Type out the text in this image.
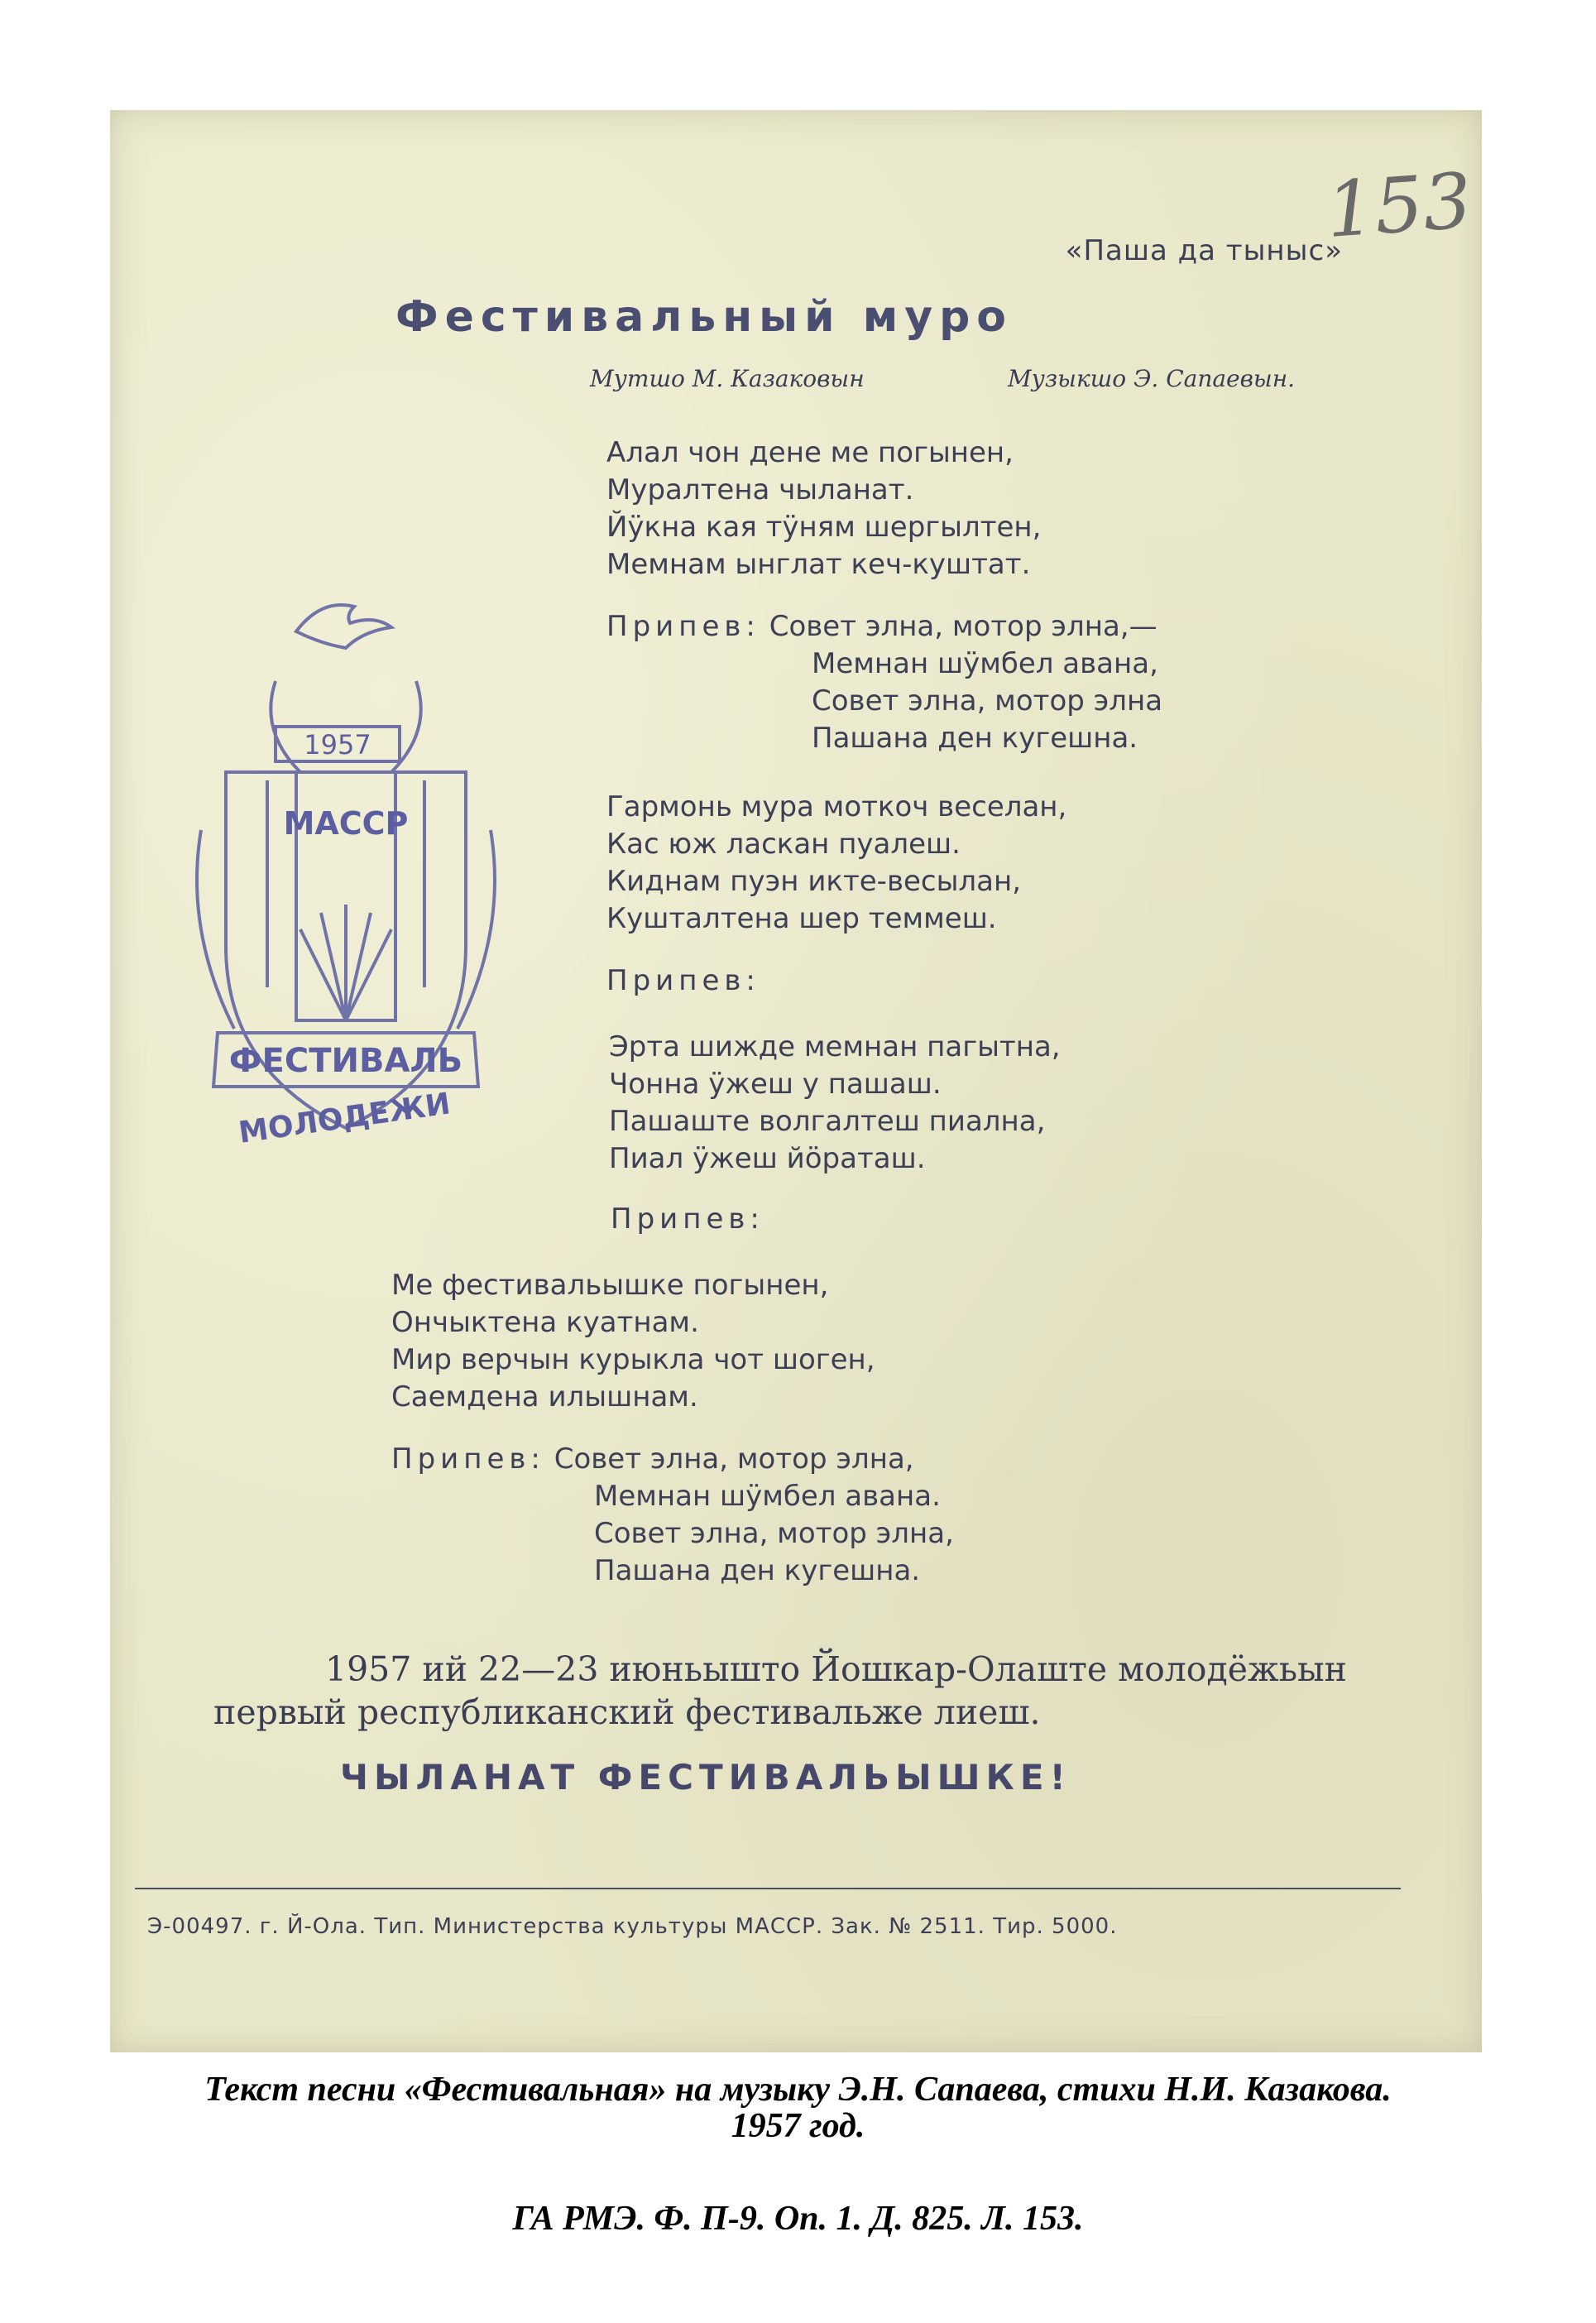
«Паша да тыныс»
153
Фестивальный муро
Мутшо М. Казаковын	Музыкшо Э. Сапаевын.
Алал чон дене ме погынен,
Муралтена чыланат.
Йӱкна кая тӱням шергылтен,
Мемнам ынглат кеч-куштат.
Припев: Совет элна, мотор элна,—
Мемнан шӱмбел авана,
Совет элна, мотор элна
Пашана ден кугешна.
Гармонь мура моткоч веселан,
Кас юж ласкан пуалеш.
Киднам пуэн икте-весылан,
Кушталтена шер теммеш.
Припев:
Эрта шижде мемнан пагытна,
Чонна ӱжеш у пашаш.
Пашаште волгалтеш пиална,
Пиал ӱжеш йӧраташ.
Припев:
Ме фестивальышке погынен,
Ончыктена куатнам.
Мир верчын курыкла чот шоген,
Саемдена илышнам.
Припев: Совет элна, мотор элна,
Мемнан шӱмбел авана.
Совет элна, мотор элна,
Пашана ден кугешна.
1957 ий 22—23 июньышто Йошкар-Олаште молодёжьын
первый республиканский фестивальже лиеш.
ЧЫЛАНАТ ФЕСТИВАЛЬЫШКЕ!
Э-00497. г. Й-Ола. Тип. Министерства культуры МАССР. Зак. № 2511. Тир. 5000.
1957
МАССР
ФЕСТИВАЛЬ
МОЛОДЕЖИ
Текст песни «Фестивальная» на музыку Э.Н. Сапаева, стихи Н.И. Казакова.
1957 год.
ГА РМЭ. Ф. П-9. Оп. 1. Д. 825. Л. 153.
